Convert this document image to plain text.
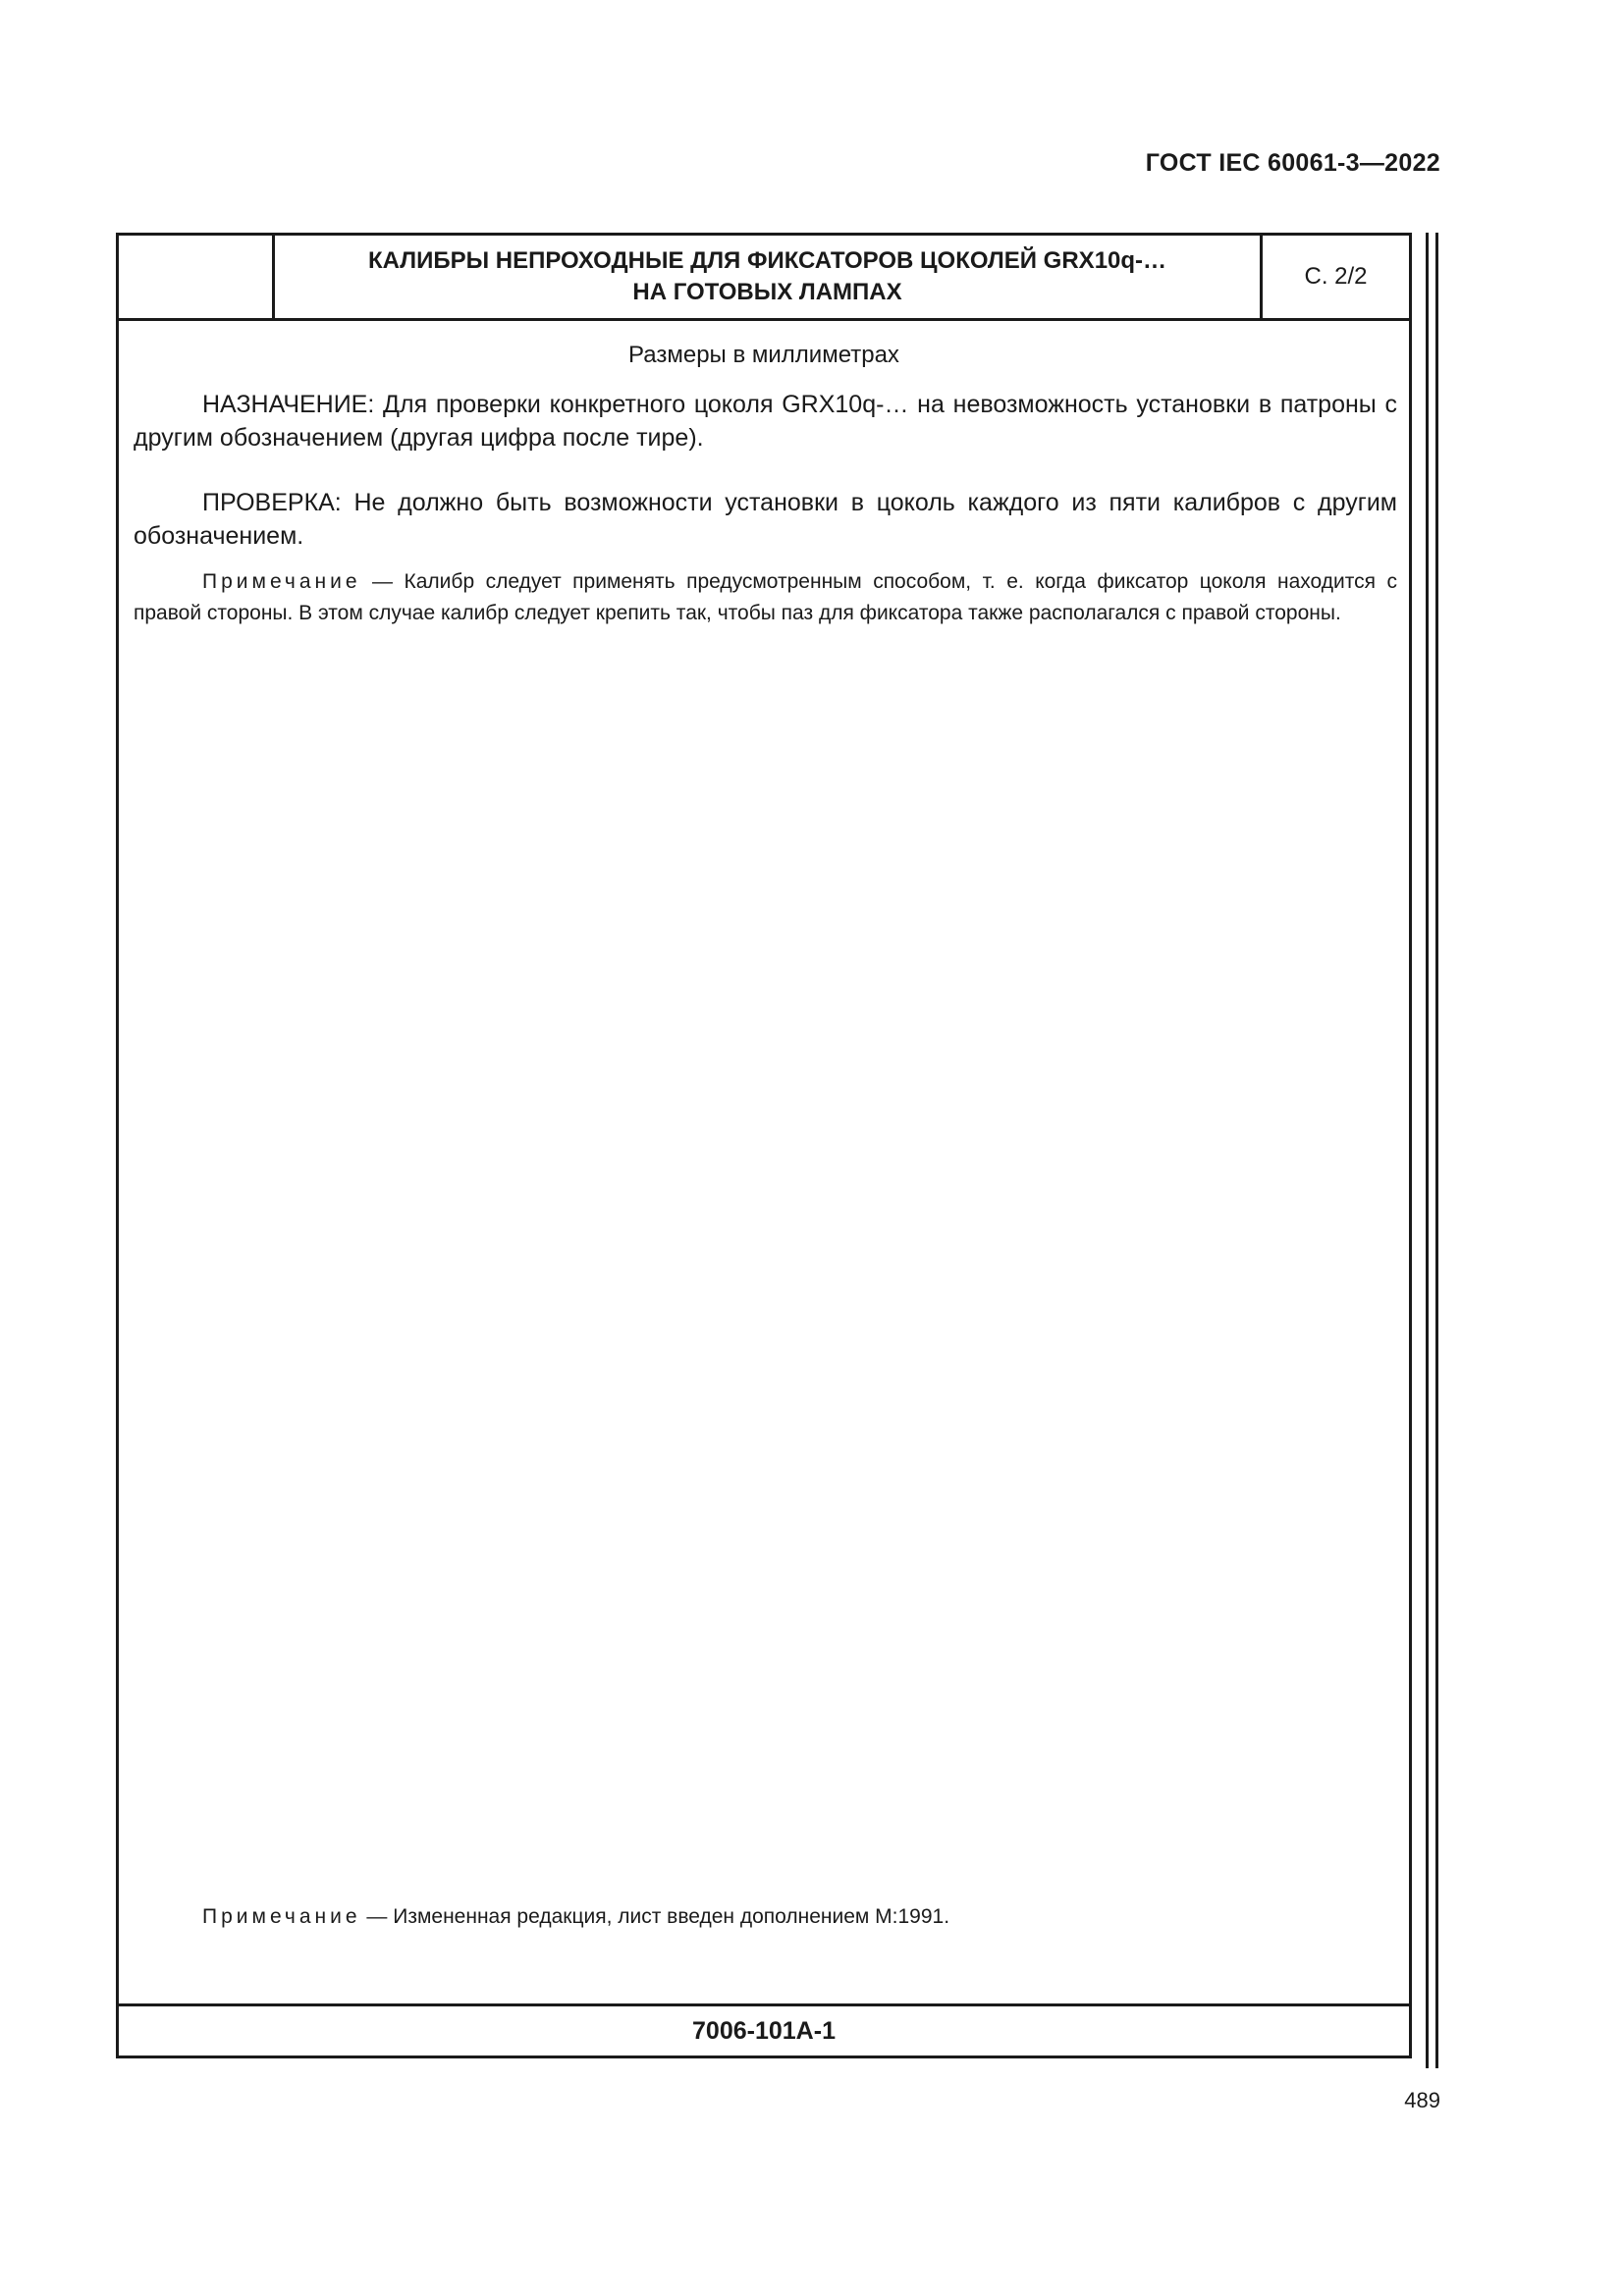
ГОСТ IEC 60061-3—2022
КАЛИБРЫ НЕПРОХОДНЫЕ ДЛЯ ФИКСАТОРОВ ЦОКОЛЕЙ GRX10q-…
НА ГОТОВЫХ ЛАМПАХ
С. 2/2
Размеры в миллиметрах
НАЗНАЧЕНИЕ: Для проверки конкретного цоколя GRX10q-… на невозможность установки в патроны с другим обозначением (другая цифра после тире).
ПРОВЕРКА: Не должно быть возможности установки в цоколь каждого из пяти калибров с другим обозначением.
Примечание — Калибр следует применять предусмотренным способом, т. е. когда фиксатор цоколя находится с правой стороны. В этом случае калибр следует крепить так, чтобы паз для фиксатора также располагался с правой стороны.
Примечание — Измененная редакция, лист введен дополнением М:1991.
7006-101A-1
489
